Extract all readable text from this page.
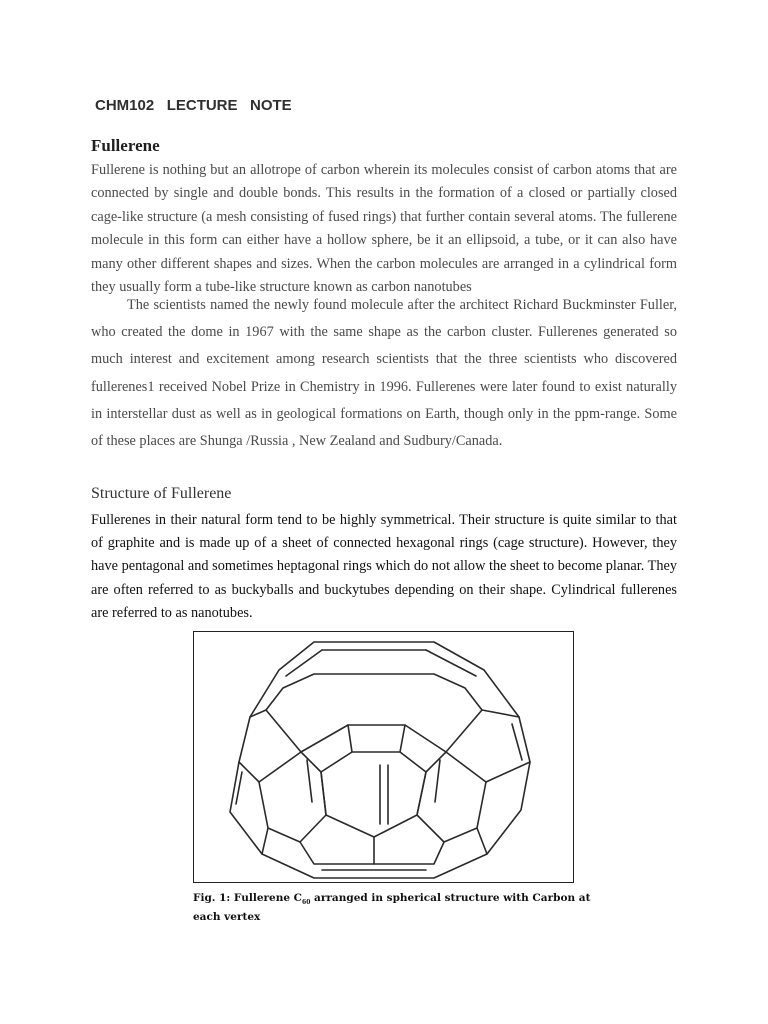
CHM102   LECTURE   NOTE
Fullerene
Fullerene is nothing but an allotrope of carbon wherein its molecules consist of carbon atoms that are connected by single and double bonds. This results in the formation of a closed or partially closed cage-like structure (a mesh consisting of fused rings) that further contain several atoms. The fullerene molecule in this form can either have a hollow sphere, be it an ellipsoid, a tube, or it can also have many other different shapes and sizes. When the carbon molecules are arranged in a cylindrical form they usually form a tube-like structure known as carbon nanotubes
The scientists named the newly found molecule after the architect Richard Buckminster Fuller, who created the dome in 1967 with the same shape as the carbon cluster. Fullerenes generated so much interest and excitement among research scientists that the three scientists who discovered fullerenes1 received Nobel Prize in Chemistry in 1996. Fullerenes were later found to exist naturally in interstellar dust as well as in geological formations on Earth, though only in the ppm-range. Some of these places are Shunga /Russia , New Zealand and Sudbury/Canada.
Structure of Fullerene
Fullerenes in their natural form tend to be highly symmetrical. Their structure is quite similar to that of graphite and is made up of a sheet of connected hexagonal rings (cage structure). However, they have pentagonal and sometimes heptagonal rings which do not allow the sheet to become planar. They are often referred to as buckyballs and buckytubes depending on their shape. Cylindrical fullerenes are referred to as nanotubes.
Fig. 1: Fullerene $C_{60}$ arranged in spherical structure with Carbon at each vertex
